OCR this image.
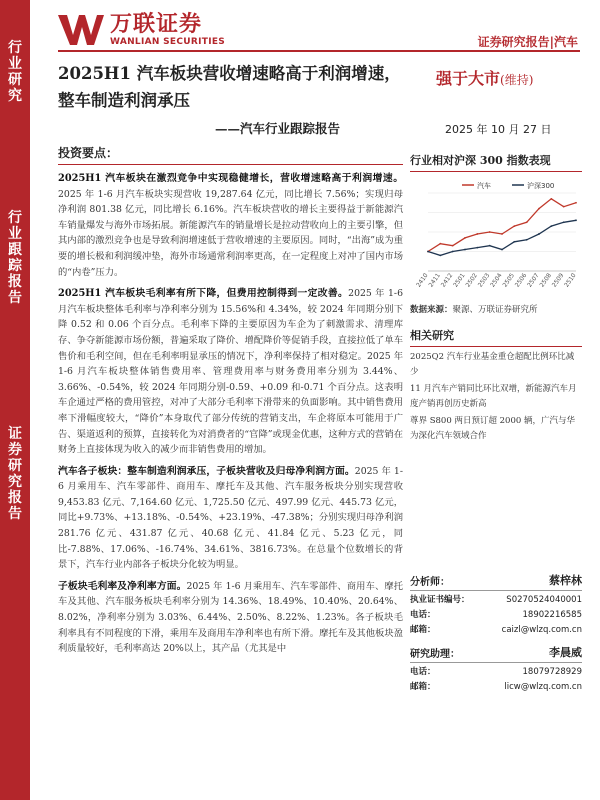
行
业
研
究
行
业
跟
踪
报
告
证
券
研
究
报
告
万联证券
WANLIAN SECURITIES	证券研究报告|汽车
2025H1 汽车板块营收增速略高于利润增速，整车制造利润承压
——汽车行业跟踪报告
强于大市(维持)
2025 年 10 月 27 日
投资要点：

2025H1 汽车板块在激烈竞争中实现稳健增长，营收增速略高于利润增速。2025 年 1-6 月汽车板块实现营收 19,287.64 亿元，同比增长 7.56%；实现归母净利润 801.38 亿元，同比增长 6.16%。汽车板块营收的增长主要得益于新能源汽车销量爆发与海外市场拓展。新能源汽车的销量增长是拉动营收向上的主要引擎，但其内部的激烈竞争也是导致利润增速低于营收增速的主要原因。同时，“出海”成为重要的增长极和利润缓冲垫，海外市场通常利润率更高，在一定程度上对冲了国内市场的“内卷”压力。

2025H1 汽车板块毛利率有所下降，但费用控制得到一定改善。2025 年 1-6 月汽车板块整体毛利率与净利率分别为 15.56%和 4.34%，较 2024 年同期分别下降 0.52 和 0.06 个百分点。毛利率下降的主要原因为车企为了刺激需求、清理库存、争夺新能源市场份额，普遍采取了降价、增配降价等促销手段，直接拉低了单车售价和毛利空间，但在毛利率明显承压的情况下，净利率保持了相对稳定。2025 年 1-6 月汽车板块整体销售费用率、管理费用率与财务费用率分别为 3.44%、3.66%、-0.54%，较 2024 年同期分别-0.59、+0.09 和-0.71 个百分点。这表明车企通过严格的费用管控，对冲了大部分毛利率下滑带来的负面影响。其中销售费用率下滑幅度较大，“降价”本身取代了部分传统的营销支出，车企将原本可能用于广告、渠道返利的预算，直接转化为对消费者的“官降”或现金优惠，这种方式的营销在财务上直接体现为收入的减少而非销售费用的增加。

汽车各子板块：整车制造利润承压，子板块营收及归母净利润方面。2025 年 1-6 月乘用车、汽车零部件、商用车、摩托车及其他、汽车服务板块分别实现营收 9,453.83 亿元、7,164.60 亿元、1,725.50 亿元、497.99 亿元、445.73 亿元，同比+9.73%、+13.18%、-0.54%、+23.19%、-47.38%；分别实现归母净利润 281.76 亿元、431.87 亿元、40.68 亿元、41.84 亿元、5.23 亿元，同比-7.88%、17.06%、-16.74%、34.61%、3816.73%。在总量个位数增长的背景下，汽车行业内部各子板块分化较为明显。

子板块毛利率及净利率方面。2025 年 1-6 月乘用车、汽车零部件、商用车、摩托车及其他、汽车服务板块毛利率分别为 14.36%、18.49%、10.40%、20.64%、8.02%，净利率分别为 3.03%、6.44%、2.50%、8.22%、1.23%。各子板块毛利率具有不同程度的下滑，乘用车及商用车净利率也有所下滑。摩托车及其他板块盈利质量较好，毛利率高达 20%以上，其产品（尤其是中

行业相对沪深 300 指数表现
汽车	沪深300
2410
2411
2412
2501
2502
2503
2504
2505
2506
2507
2508
2509
2510
数据来源：聚源、万联证券研究所
相关研究
2025Q2 汽车行业基金重仓超配比例环比减少
11 月汽车产销同比环比双增，新能源汽车月度产销再创历史新高
尊界 S800 两日预订超 2000 辆，广汽与华为深化汽车领域合作
分析师：	蔡梓林
执业证书编号：	S0270524040001
电话：	18902216585
邮箱：	caizl@wlzq.com.cn
研究助理：	李晨威
电话：	18079728929
邮箱：	licw@wlzq.com.cn
